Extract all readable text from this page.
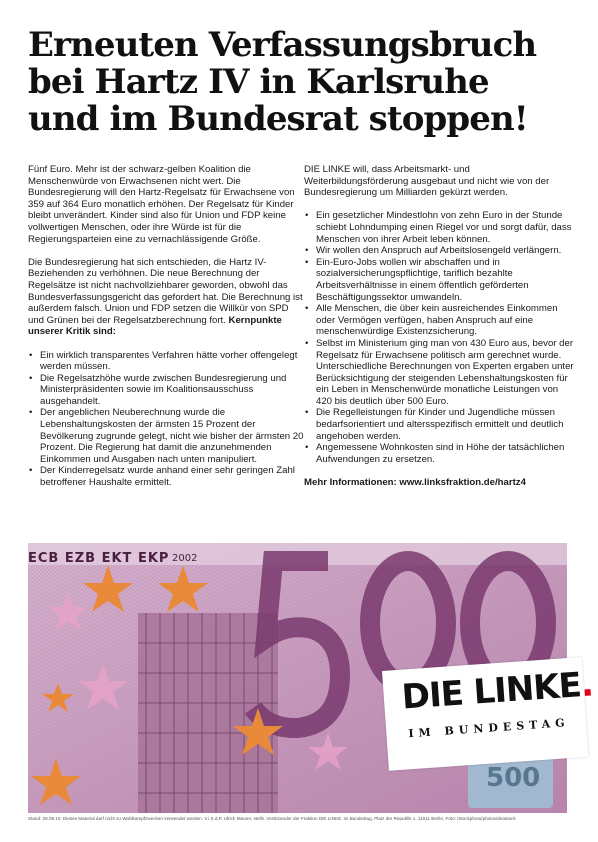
Erneuten Verfassungsbruch
bei Hartz IV in Karlsruhe
und im Bundesrat stoppen!

Fünf Euro. Mehr ist der schwarz-gelben Koalition die Menschenwürde von Erwachsenen nicht wert. Die Bundesregierung will den Hartz-Regelsatz für Erwachsene von 359 auf 364 Euro monatlich erhöhen. Der Regelsatz für Kinder bleibt unverändert. Kinder sind also für Union und FDP keine vollwertigen Menschen, oder ihre Würde ist für die Regierungsparteien eine zu vernachlässigende Größe.

Die Bundesregierung hat sich entschieden, die Hartz IV-Beziehenden zu verhöhnen. Die neue Berechnung der Regelsätze ist nicht nachvollziehbarer geworden, obwohl das Bundesverfassungsgericht das gefordert hat. Die Berechnung ist außerdem falsch. Union und FDP setzen die Willkür von SPD und Grünen bei der Regelsatzberechnung fort. Kernpunkte unserer Kritik sind:

• Ein wirklich transparentes Verfahren hätte vorher offengelegt werden müssen.
• Die Regelsatzhöhe wurde zwischen Bundesregierung und Ministerpräsidenten sowie im Koalitionsausschuss ausgehandelt.
• Der angeblichen Neuberechnung wurde die Lebenshaltungskosten der ärmsten 15 Prozent der Bevölkerung zugrunde gelegt, nicht wie bisher der ärmsten 20 Prozent. Die Regierung hat damit die anzunehmenden Einkommen und Ausgaben nach unten manipuliert.
• Der Kinderregelsatz wurde anhand einer sehr geringen Zahl betroffener Haushalte ermittelt.

DIE LINKE will, dass Arbeitsmarkt- und Weiterbildungsförderung ausgebaut und nicht wie von der Bundesregierung um Milliarden gekürzt werden.

• Ein gesetzlicher Mindestlohn von zehn Euro in der Stunde schiebt Lohndumping einen Riegel vor und sorgt dafür, dass Menschen von ihrer Arbeit leben können.
• Wir wollen den Anspruch auf Arbeitslosengeld verlängern.
• Ein-Euro-Jobs wollen wir abschaffen und in sozialversicherungspflichtige, tariflich bezahlte Arbeitsverhältnisse in einem öffentlich geförderten Beschäftigungssektor umwandeln.
• Alle Menschen, die über kein ausreichendes Einkommen oder Vermögen verfügen, haben Anspruch auf eine menschenwürdige Existenzsicherung.
• Selbst im Ministerium ging man von 430 Euro aus, bevor der Regelsatz für Erwachsene politisch arm gerechnet wurde. Unterschiedliche Berechnungen von Experten ergaben unter Berücksichtigung der steigenden Lebenshaltungskosten für ein Leben in Menschenwürde monatliche Leistungen von 420 bis deutlich über 500 Euro.
• Die Regelleistungen für Kinder und Jugendliche müssen bedarfsorientiert und altersspezifisch ermittelt und deutlich angehoben werden.
• Angemessene Wohnkosten sind in Höhe der tatsächlichen Aufwendungen zu ersetzen.
Mehr Informationen: www.linksfraktion.de/hartz4
ECB EZB EKT EKP 2002
500
DIE LINKE.
IM BUNDESTAG
Stand: 28.09.10. Dieses Material darf nicht zu Wahlkampfzwecken verwendet werden. V.i.S.d.P. Ulrich Maurer, stellv. Vorsitzender der Fraktion DIE LINKE. im Bundestag, Platz der Republik 1, 11011 Berlin, Foto: iStockphoto/photovideostock
